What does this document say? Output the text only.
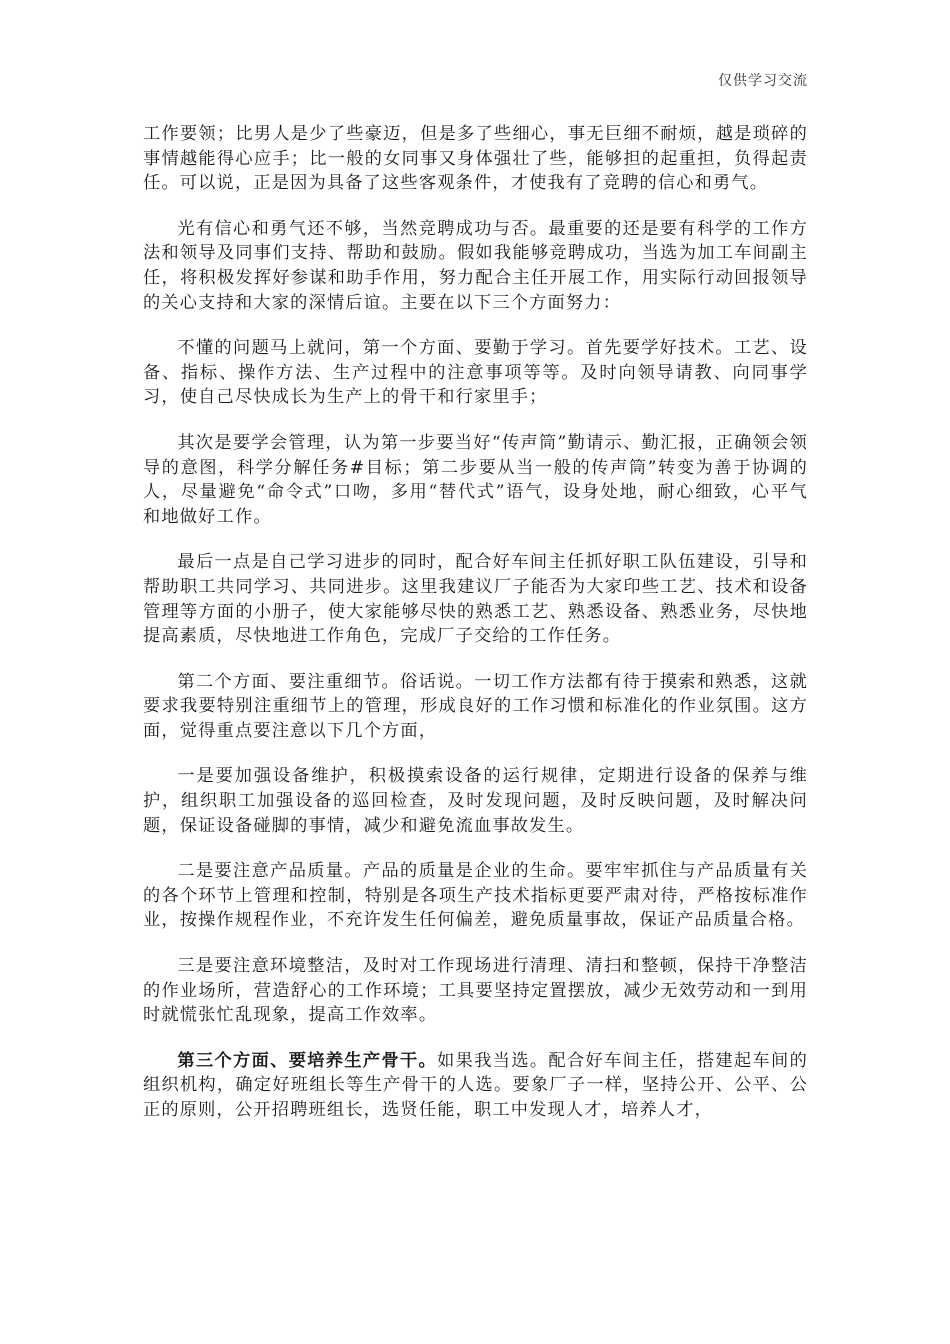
仅供学习交流

工作要领；比男人是少了些豪迈，但是多了些细心，事无巨细不耐烦，越是琐碎的事情越能得心应手；比一般的女同事又身体强壮了些，能够担的起重担，负得起责任。可以说，正是因为具备了这些客观条件，才使我有了竞聘的信心和勇气。

光有信心和勇气还不够，当然竞聘成功与否。最重要的还是要有科学的工作方法和领导及同事们支持、帮助和鼓励。假如我能够竞聘成功，当选为加工车间副主任，将积极发挥好参谋和助手作用，努力配合主任开展工作，用实际行动回报领导的关心支持和大家的深情后谊。主要在以下三个方面努力：

不懂的问题马上就问，第一个方面、要勤于学习。首先要学好技术。工艺、设备、指标、操作方法、生产过程中的注意事项等等。及时向领导请教、向同事学习，使自己尽快成长为生产上的骨干和行家里手；

其次是要学会管理，认为第一步要当好“传声筒”勤请示、勤汇报，正确领会领导的意图，科学分解任务#目标；第二步要从当一般的传声筒”转变为善于协调的人，尽量避免“命令式”口吻，多用“替代式”语气，设身处地，耐心细致，心平气和地做好工作。

最后一点是自己学习进步的同时，配合好车间主任抓好职工队伍建设，引导和帮助职工共同学习、共同进步。这里我建议厂子能否为大家印些工艺、技术和设备管理等方面的小册子，使大家能够尽快的熟悉工艺、熟悉设备、熟悉业务，尽快地提高素质，尽快地进工作角色，完成厂子交给的工作任务。

第二个方面、要注重细节。俗话说。一切工作方法都有待于摸索和熟悉，这就要求我要特别注重细节上的管理，形成良好的工作习惯和标准化的作业氛围。这方面，觉得重点要注意以下几个方面，

一是要加强设备维护，积极摸索设备的运行规律，定期进行设备的保养与维护，组织职工加强设备的巡回检查，及时发现问题，及时反映问题，及时解决问题，保证设备碰脚的事情，减少和避免流血事故发生。

二是要注意产品质量。产品的质量是企业的生命。要牢牢抓住与产品质量有关的各个环节上管理和控制，特别是各项生产技术指标更要严肃对待，严格按标准作业，按操作规程作业，不充许发生任何偏差，避免质量事故，保证产品质量合格。

三是要注意环境整洁，及时对工作现场进行清理、清扫和整顿，保持干净整洁的作业场所，营造舒心的工作环境；工具要坚持定置摆放，减少无效劳动和一到用时就慌张忙乱现象，提高工作效率。

第三个方面、要培养生产骨干。如果我当选。配合好车间主任，搭建起车间的组织机构，确定好班组长等生产骨干的人选。要象厂子一样，坚持公开、公平、公正的原则，公开招聘班组长，选贤任能，职工中发现人才，培养人才，
